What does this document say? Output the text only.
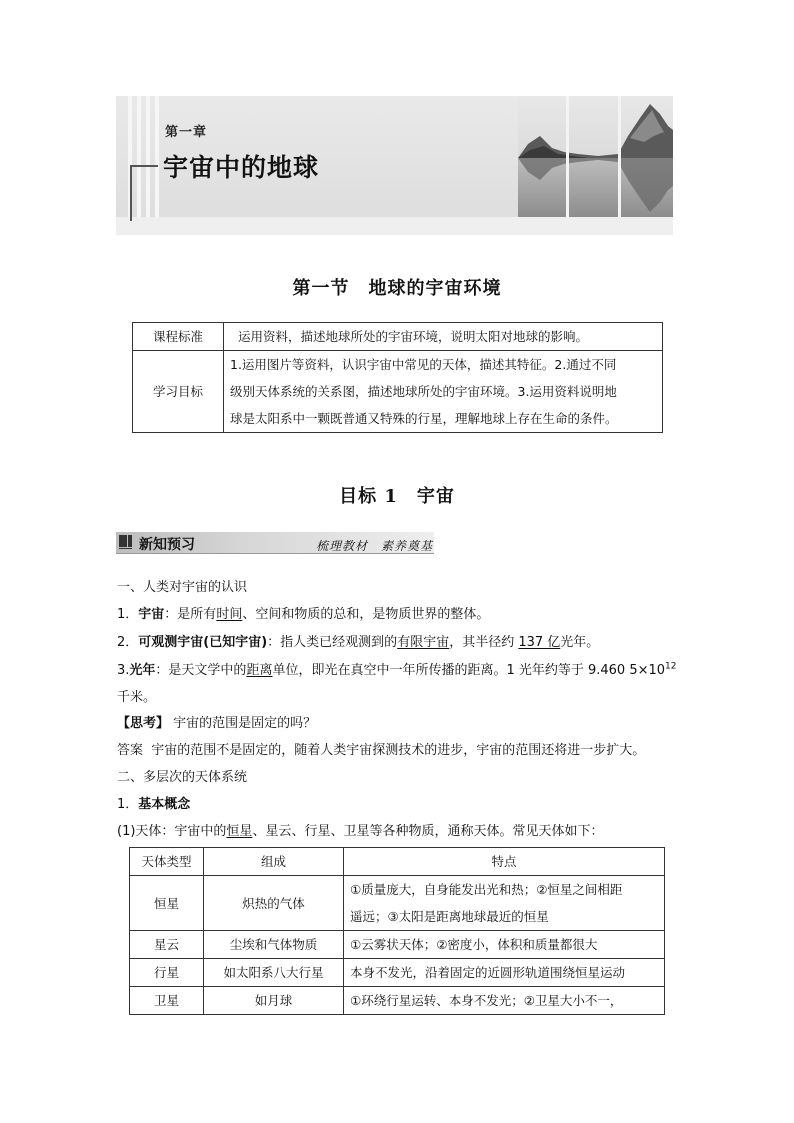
第一章
宇宙中的地球
第一节　地球的宇宙环境
课程标准	运用资料，描述地球所处的宇宙环境，说明太阳对地球的影响。
学习目标	1.运用图片等资料，认识宇宙中常见的天体，描述其特征。2.通过不同
级别天体系统的关系图，描述地球所处的宇宙环境。3.运用资料说明地
球是太阳系中一颗既普通又特殊的行星，理解地球上存在生命的条件。
目标 1　宇宙
新知预习	梳理教材　素养奠基
一、人类对宇宙的认识
1．宇宙：是所有时间、空间和物质的总和，是物质世界的整体。
2．可观测宇宙(已知宇宙)：指人类已经观测到的有限宇宙，其半径约 137 亿光年。
3.光年：是天文学中的距离单位，即光在真空中一年所传播的距离。1 光年约等于 9.460 $5\times 10^{12}$
千米。
【思考】 宇宙的范围是固定的吗？
答案 宇宙的范围不是固定的，随着人类宇宙探测技术的进步，宇宙的范围还将进一步扩大。
二、多层次的天体系统
1．基本概念
(1)天体：宇宙中的恒星、星云、行星、卫星等各种物质，通称天体。常见天体如下：
天体类型	组成	特点
恒星	炽热的气体	①质量庞大，自身能发出光和热；②恒星之间相距
遥远；③太阳是距离地球最近的恒星

星云	尘埃和气体物质	①云雾状天体；②密度小，体积和质量都很大

行星	如太阳系八大行星	本身不发光，沿着固定的近圆形轨道围绕恒星运动

卫星	如月球	①环绕行星运转、本身不发光；②卫星大小不一，
